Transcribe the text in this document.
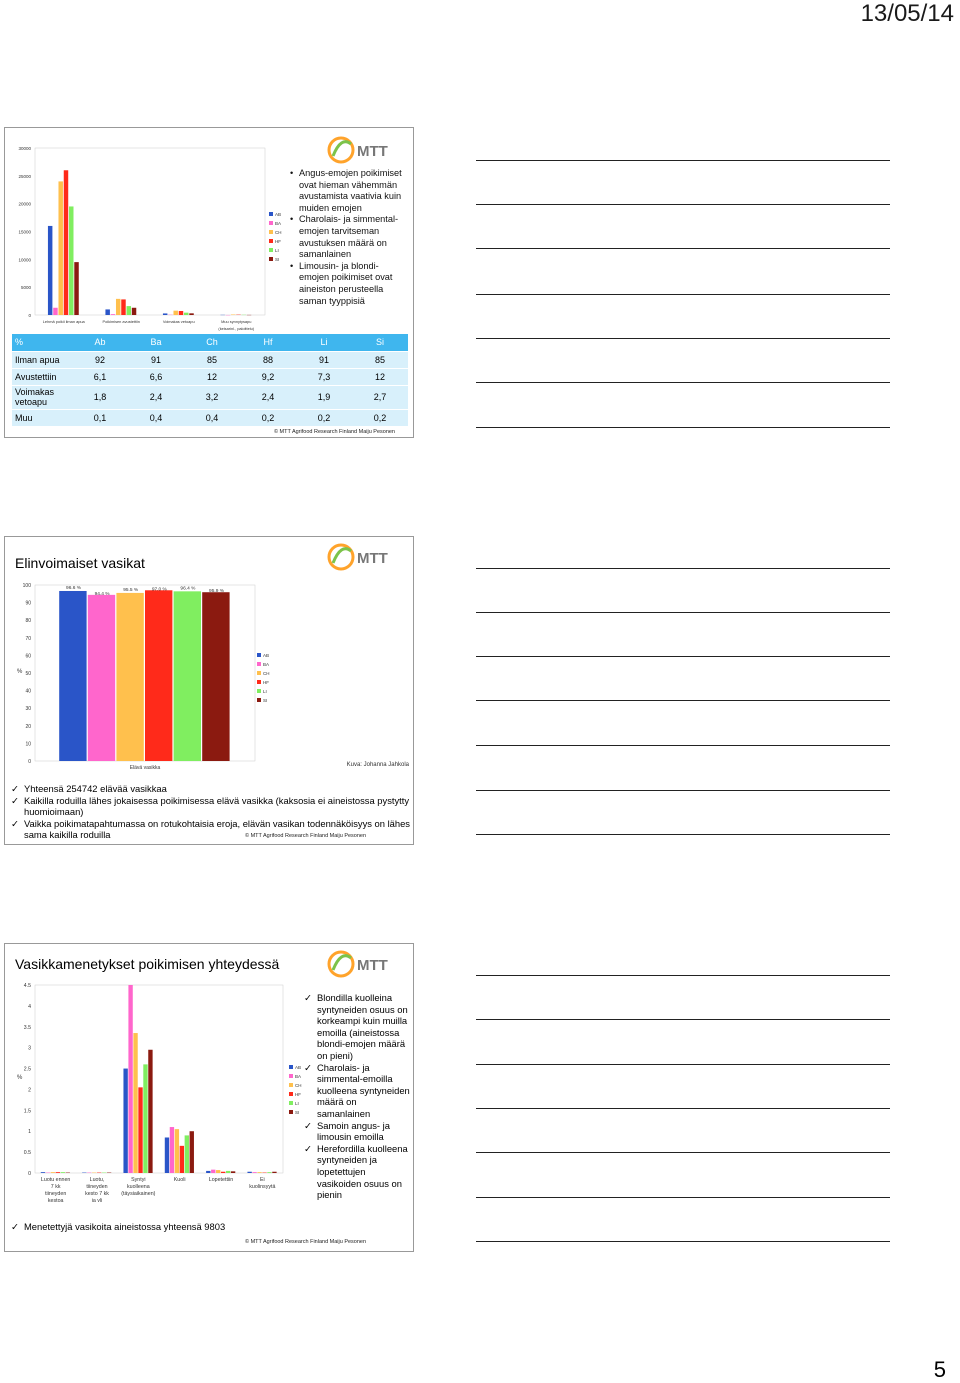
13/05/14
5
0
5000
10000
15000
20000
25000
30000
Lehmä poikii ilman apua	Poikimisen avustettiin	Voimakas vetoapu	Muu synnytysapu
(keisarinl., paloittelu)
AB
BA
CH
HF
LI
SI
MTT
• Angus-emojen poikimiset ovat hieman vähemmän avustamista vaativia kuin muiden emojen
• Charolais- ja simmental-emojen tarvitseman avustuksen määrä on samanlainen
• Limousin- ja blondi-emojen poikimiset ovat aineiston perusteella saman tyyppisiä
%	Ab	Ba	Ch	Hf	Li	Si
Ilman apua	92	91	85	88	91	85
Avustettiin	6,1	6,6	12	9,2	7,3	12
Voimakas vetoapu	1,8	2,4	3,2	2,4	1,9	2,7
Muu	0,1	0,4	0,4	0,2	0,2	0,2
© MTT Agrifood Research Finland Maiju Pesonen
Elinvoimaiset vasikat	MTT
0
10
20
30
40
50
60
70
80
90
100
%
96.6 %
94.4 %
95.5 %	97.0 %	96.4 %
95.9 %
Elävä vasikka
AB
BA
CH
HF
LI
SI
Kuva: Johanna Jahkola
✓ Yhteensä 254742 elävää vasikkaa
✓ Kaikilla roduilla lähes jokaisessa poikimisessa elävä vasikka (kaksosia ei aineistossa pystytty huomioimaan)
✓ Vaikka poikimatapahtumassa on rotukohtaisia eroja, elävän vasikan todennäköisyys on lähes sama kaikilla roduilla	© MTT Agrifood Research Finland Maiju Pesonen
Vasikkamenetykset poikimisen yhteydessä	MTT
0
0.5
1
1.5
2
2.5
3
3.5
4
4.5
%
Luotu ennen
7 kk
tiineyden
kestoa
Luotu,
tiineyden
kesto 7 kk
ja yli
Syntyi
kuolleena
(täysiaikainen)
Kuoli	Lopetettiin	Ei
kuolinsyytä
AB
BA
CH
HF
LI
SI
✓ Blondilla kuolleina syntyneiden osuus on korkeampi kuin muilla emoilla (aineistossa blondi-emojen määrä on pieni)
✓ Charolais- ja simmental-emoilla kuolleena syntyneiden määrä on samanlainen
✓ Samoin angus- ja limousin emoilla
✓ Herefordilla kuolleena syntyneiden ja lopetettujen vasikoiden osuus on pienin
✓ Menetettyjä vasikoita aineistossa yhteensä 9803
© MTT Agrifood Research Finland Maiju Pesonen
